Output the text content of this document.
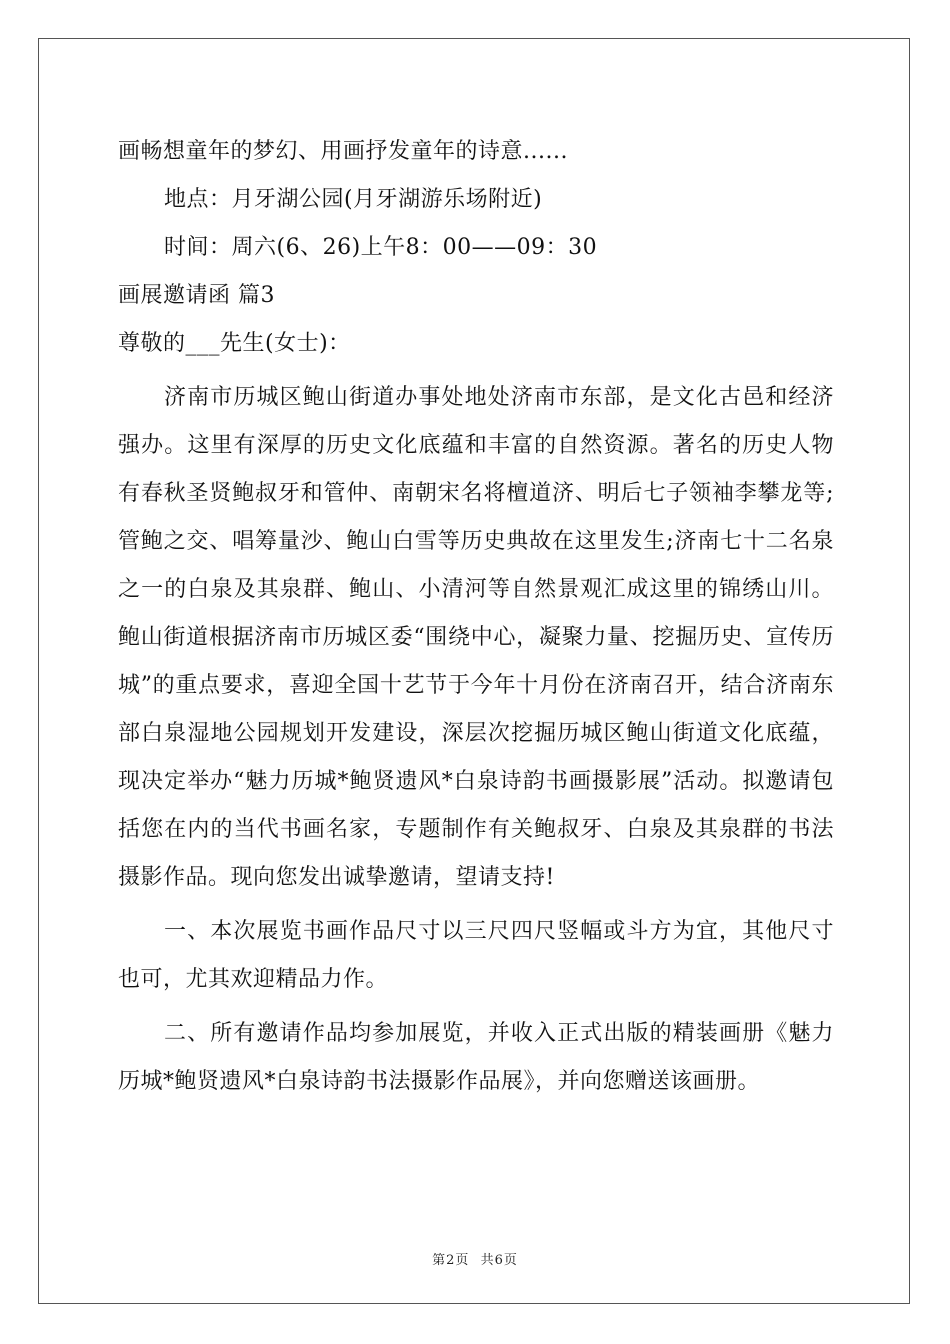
画畅想童年的梦幻、用画抒发童年的诗意......
地点：月牙湖公园(月牙湖游乐场附近)
时间：周六(6、26)上午8：00——09：30
画展邀请函 篇3
尊敬的___先生(女士)：

济南市历城区鲍山街道办事处地处济南市东部，是文化古邑和经济强办。这里有深厚的历史文化底蕴和丰富的自然资源。著名的历史人物有春秋圣贤鲍叔牙和管仲、南朝宋名将檀道济、明后七子领袖李攀龙等;管鲍之交、唱筹量沙、鲍山白雪等历史典故在这里发生;济南七十二名泉之一的白泉及其泉群、鲍山、小清河等自然景观汇成这里的锦绣山川。鲍山街道根据济南市历城区委“围绕中心，凝聚力量、挖掘历史、宣传历城”的重点要求，喜迎全国十艺节于今年十月份在济南召开，结合济南东部白泉湿地公园规划开发建设，深层次挖掘历城区鲍山街道文化底蕴，现决定举办“魅力历城*鲍贤遗风*白泉诗韵书画摄影展”活动。拟邀请包括您在内的当代书画名家，专题制作有关鲍叔牙、白泉及其泉群的书法摄影作品。现向您发出诚挚邀请，望请支持!

一、本次展览书画作品尺寸以三尺四尺竖幅或斗方为宜，其他尺寸也可，尤其欢迎精品力作。

二、所有邀请作品均参加展览，并收入正式出版的精装画册《魅力历城*鲍贤遗风*白泉诗韵书法摄影作品展》，并向您赠送该画册。

第2页 共6页
